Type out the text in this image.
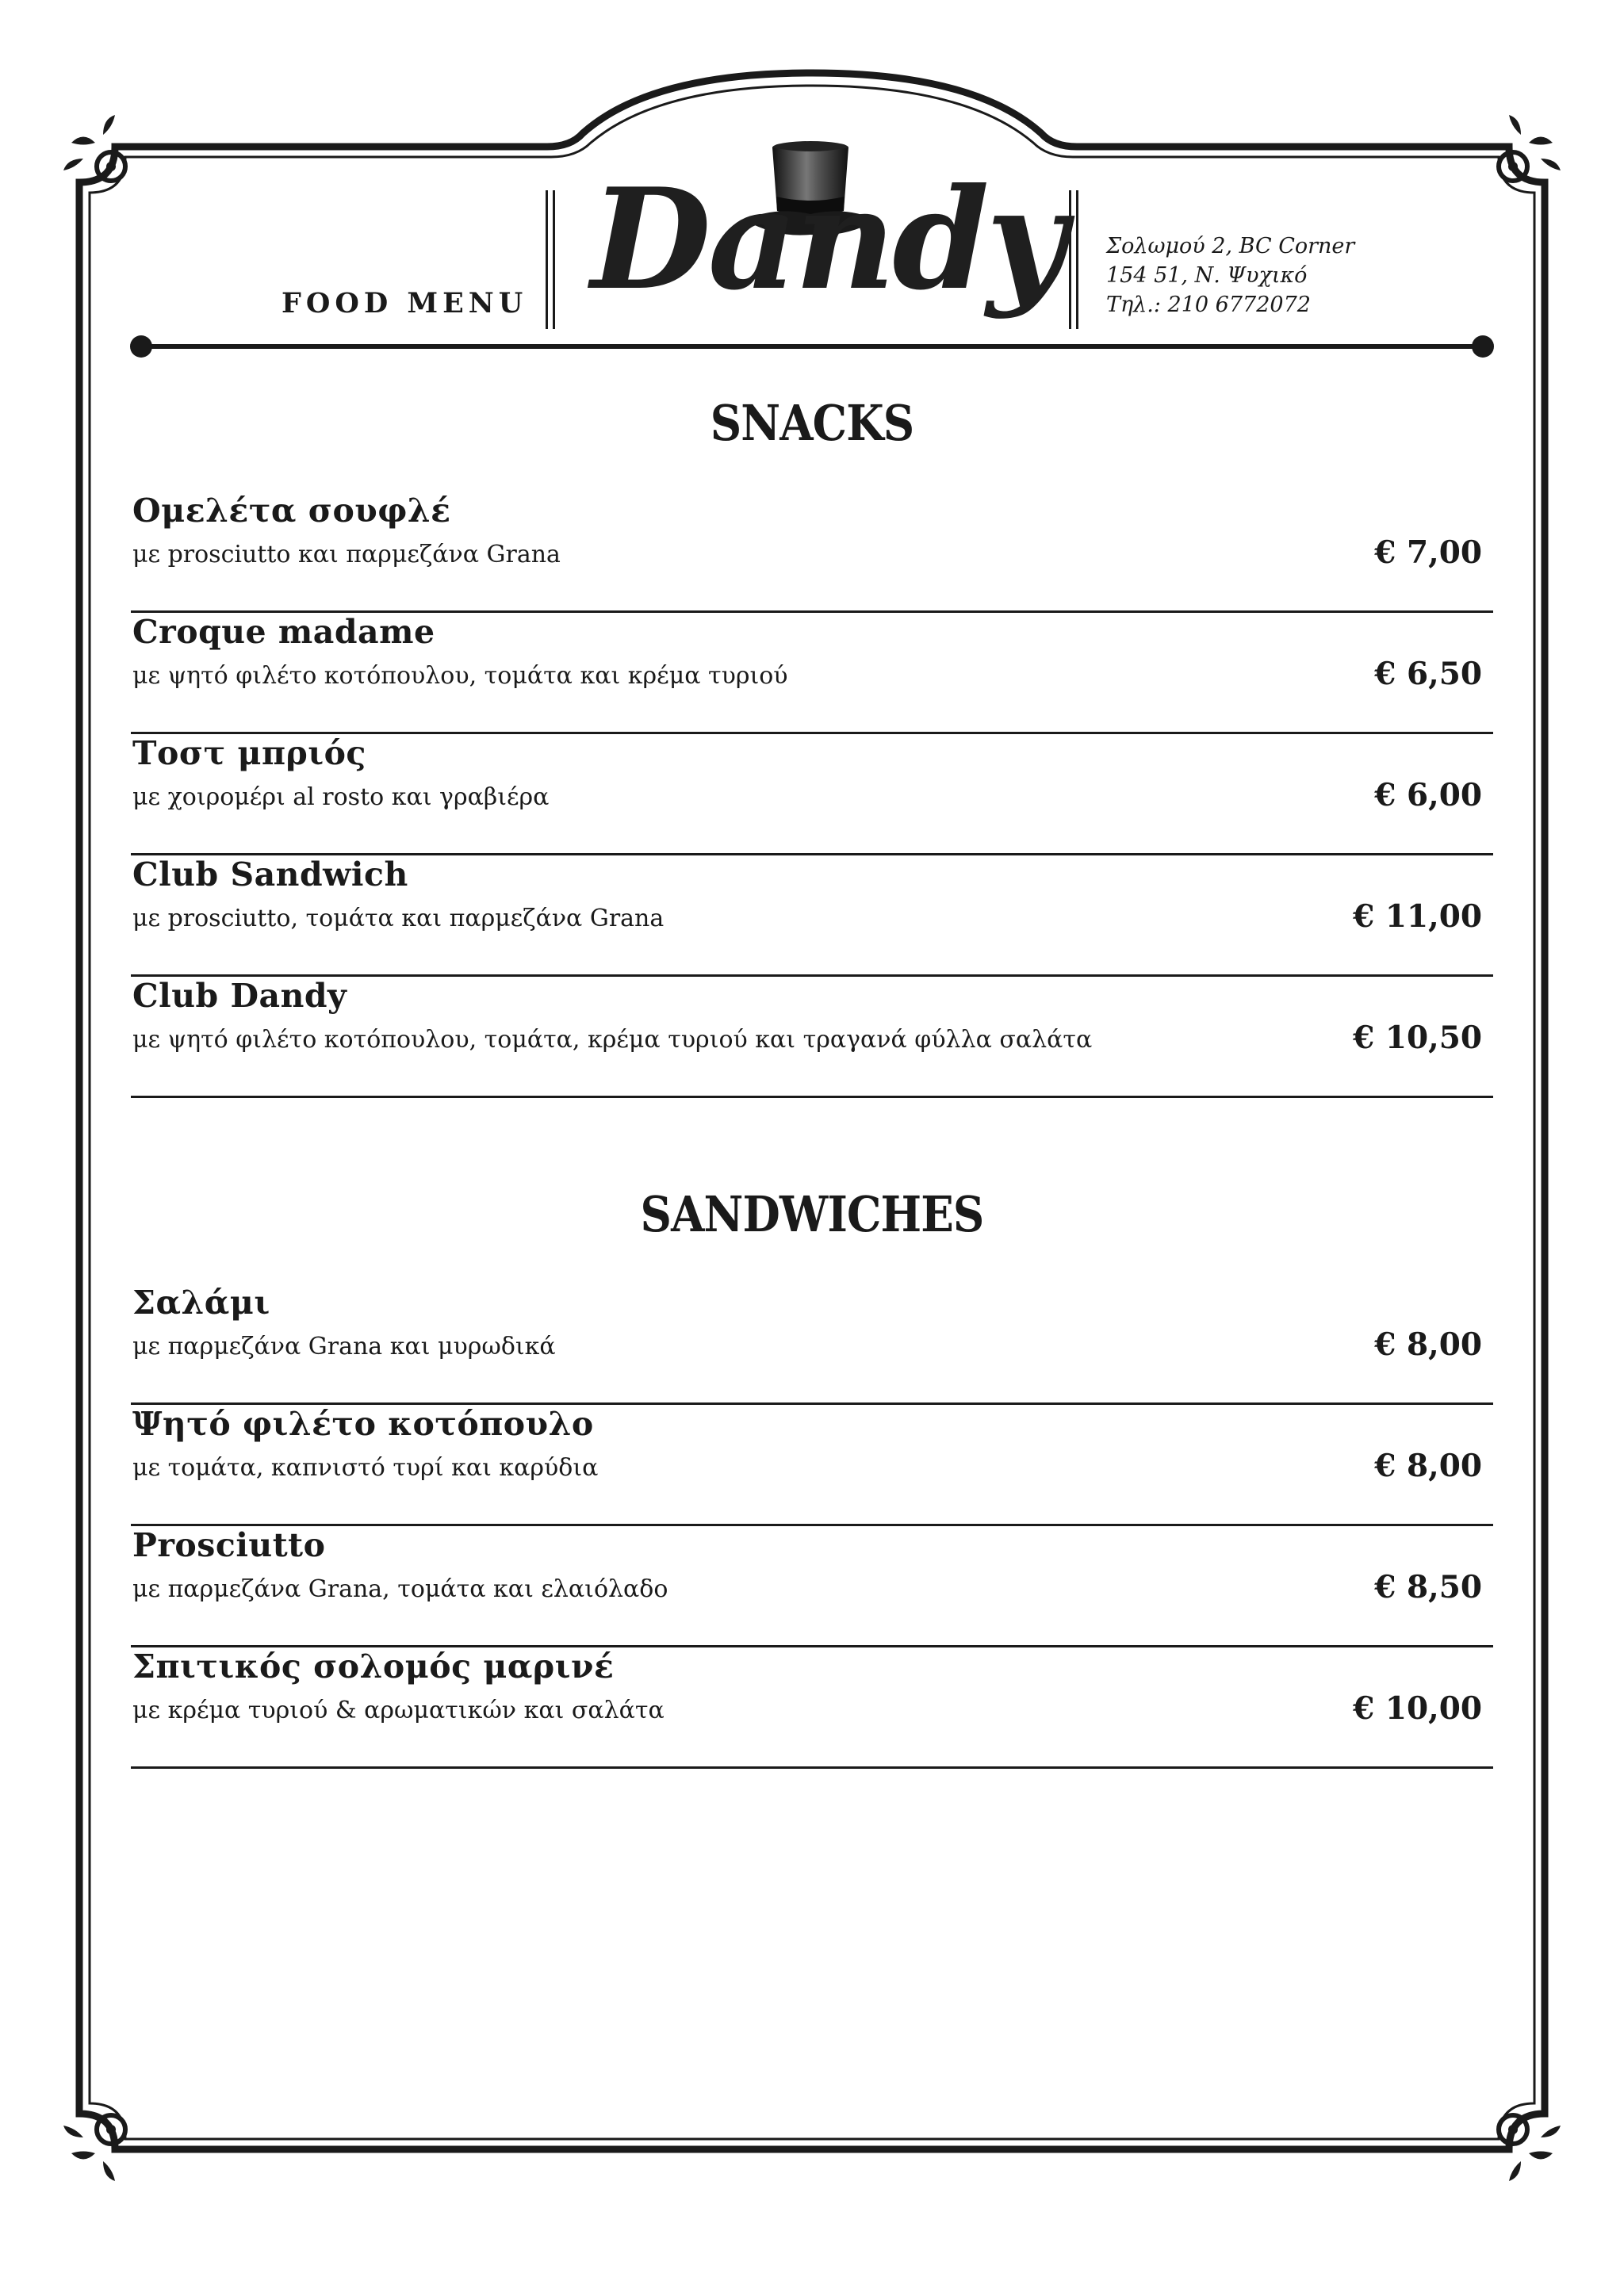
FOOD MENU Dandy Σολωμού 2, BC Corner
154 51, Ν. Ψυχικό
Τηλ.: 210 6772072
SNACKS
Ομελέτα σουφλέ
με prosciutto και παρμεζάνα Grana	€ 7,00
Croque madame
με ψητό φιλέτο κοτόπουλου, τομάτα και κρέμα τυριού	€ 6,50
Τοστ μπριός
με χοιρομέρι al rosto και γραβιέρα	€ 6,00
Club Sandwich
με prosciutto, τομάτα και παρμεζάνα Grana	€ 11,00
Club Dandy
με ψητό φιλέτο κοτόπουλου, τομάτα, κρέμα τυριού και τραγανά φύλλα σαλάτα	€ 10,50
SANDWICHES
Σαλάμι
με παρμεζάνα Grana και μυρωδικά	€ 8,00
Ψητό φιλέτο κοτόπουλο
με τομάτα, καπνιστό τυρί και καρύδια	€ 8,00
Prosciutto
με παρμεζάνα Grana, τομάτα και ελαιόλαδο	€ 8,50
Σπιτικός σολομός μαρινέ
με κρέμα τυριού & αρωματικών και σαλάτα	€ 10,00
